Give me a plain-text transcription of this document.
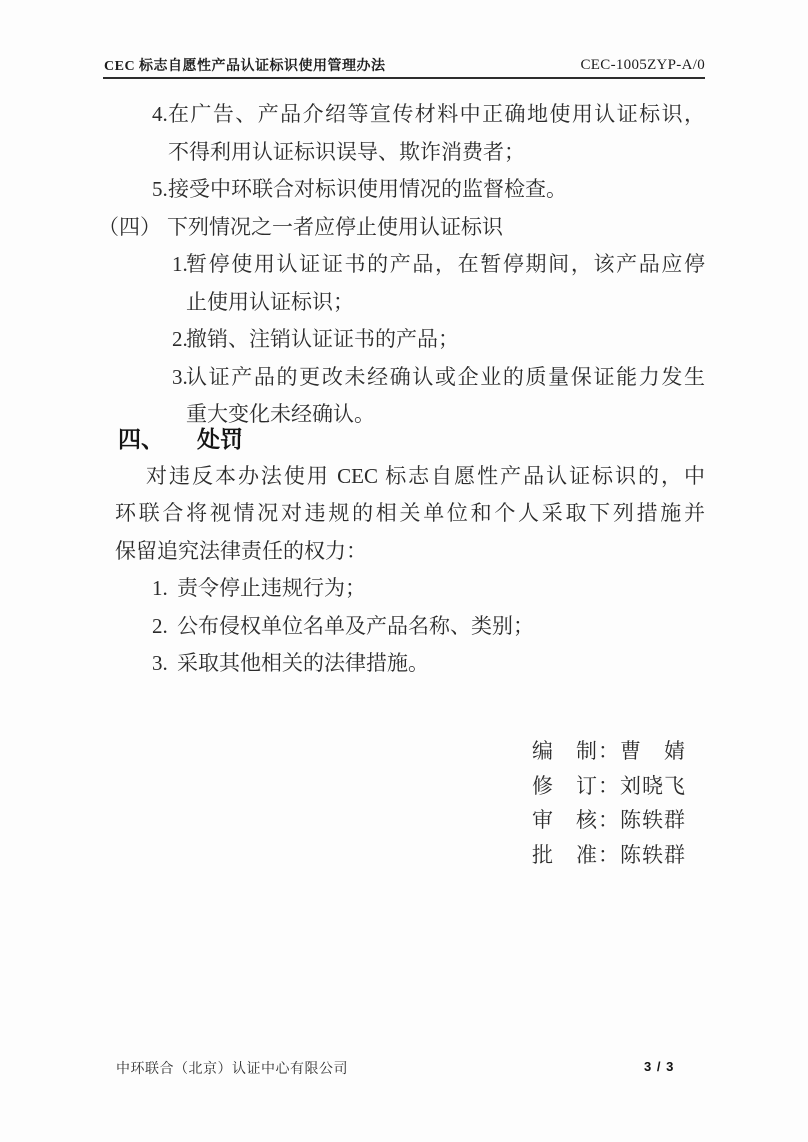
CEC 标志自愿性产品认证标识使用管理办法	CEC-1005ZYP-A/0
4. 在广告、产品介绍等宣传材料中正确地使用认证标识，
不得利用认证标识误导、欺诈消费者；
5. 接受中环联合对标识使用情况的监督检查。
（四） 下列情况之一者应停止使用认证标识
1.
暂停使用认证证书的产品，在暂停期间，该产品应停
止使用认证标识；
2.
撤销、注销认证证书的产品；
3.
认证产品的更改未经确认或企业的质量保证能力发生
重大变化未经确认。
四、 处罚
对违反本办法使用 CEC 标志自愿性产品认证标识的，中
环联合将视情况对违规的相关单位和个人采取下列措施并
保留追究法律责任的权力：
1. 责令停止违规行为；
2. 公布侵权单位名单及产品名称、类别；
3. 采取其他相关的法律措施。
编　制：曹　婧
修　订：刘晓飞
审　核：陈轶群
批　准：陈轶群
中环联合（北京）认证中心有限公司	3 / 3
